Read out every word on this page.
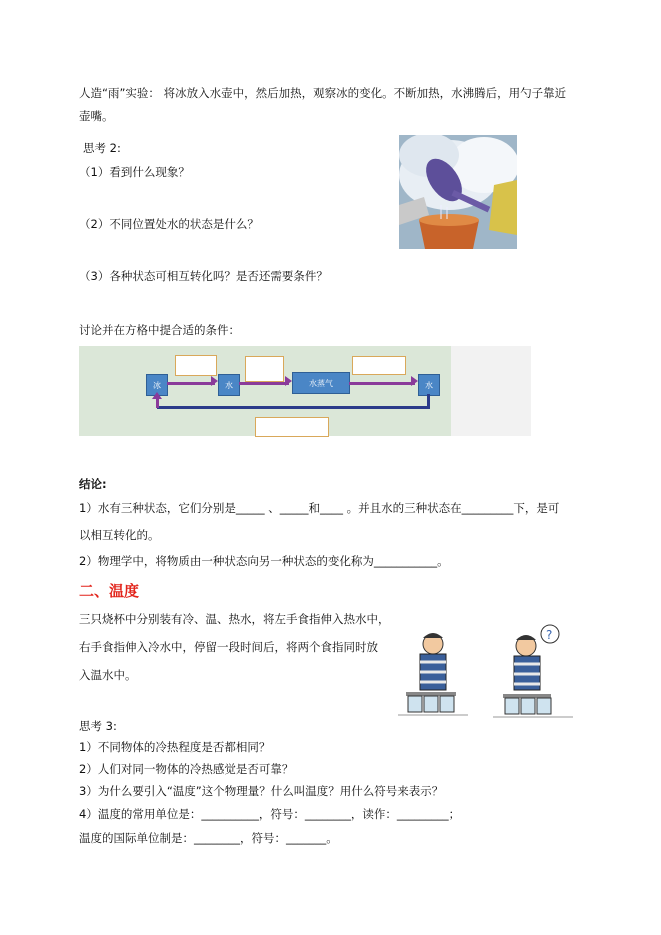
人造“雨”实验： 将冰放入水壶中，然后加热，观察冰的变化。不断加热，水沸腾后，用勺子靠近
壶嘴。
思考 2:
（1）看到什么现象？
（2）不同位置处水的状态是什么？
（3）各种状态可相互转化吗？是否还需要条件？
讨论并在方格中提合适的条件：
冰	水	水蒸气	水
结论:
1）水有三种状态，它们分别是_____ 、_____和____ 。并且水的三种状态在_________下，是可
以相互转化的。
2）物理学中，将物质由一种状态向另一种状态的变化称为___________。
二、温度
三只烧杯中分别装有冷、温、热水，将左手食指伸入热水中，
右手食指伸入冷水中，停留一段时间后，将两个食指同时放
入温水中。
?
思考 3:
1）不同物体的冷热程度是否都相同？
2）人们对同一物体的冷热感觉是否可靠？
3）为什么要引入“温度”这个物理量？什么叫温度？用什么符号来表示？
4）温度的常用单位是：__________，符号：________，读作：_________；
温度的国际单位制是：________，符号：_______。
